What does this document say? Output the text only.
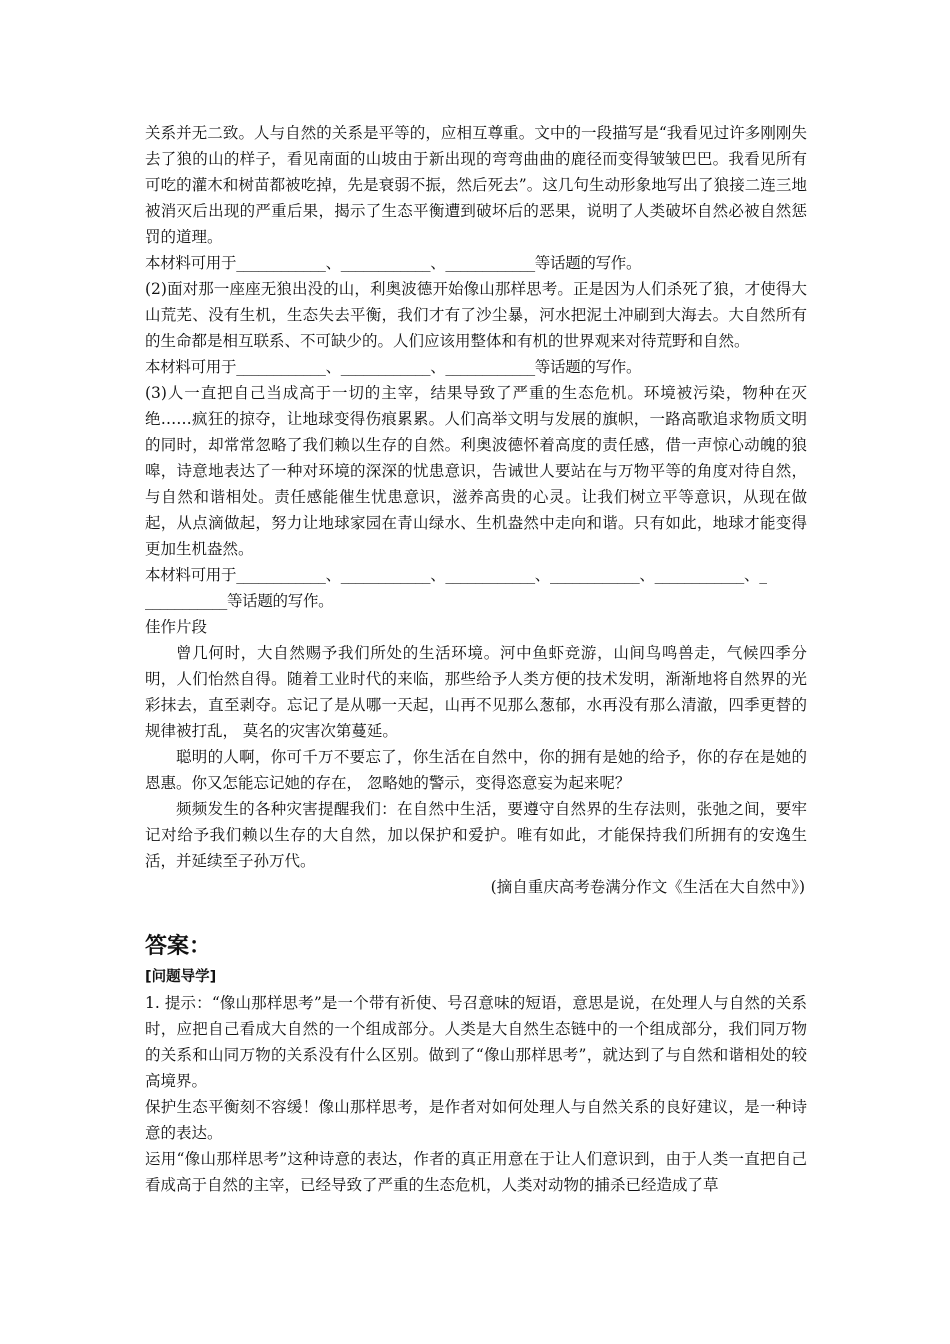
关系并无二致。人与自然的关系是平等的，应相互尊重。文中的一段描写是“我看见过许多刚刚失去了狼的山的样子，看见南面的山坡由于新出现的弯弯曲曲的鹿径而变得皱皱巴巴。我看见所有可吃的灌木和树苗都被吃掉，先是衰弱不振，然后死去”。这几句生动形象地写出了狼接二连三地被消灭后出现的严重后果，揭示了生态平衡遭到破坏后的恶果，说明了人类破坏自然必被自然惩罚的道理。

本材料可用于____________、____________、____________等话题的写作。

(2)面对那一座座无狼出没的山，利奥波德开始像山那样思考。正是因为人们杀死了狼，才使得大山荒芜、没有生机，生态失去平衡，我们才有了沙尘暴，河水把泥土冲刷到大海去。大自然所有的生命都是相互联系、不可缺少的。人们应该用整体和有机的世界观来对待荒野和自然。

本材料可用于____________、____________、____________等话题的写作。

(3)人一直把自己当成高于一切的主宰，结果导致了严重的生态危机。环境被污染，物种在灭绝……疯狂的掠夺，让地球变得伤痕累累。人们高举文明与发展的旗帜，一路高歌追求物质文明的同时，却常常忽略了我们赖以生存的自然。利奥波德怀着高度的责任感，借一声惊心动魄的狼嗥，诗意地表达了一种对环境的深深的忧患意识，告诫世人要站在与万物平等的角度对待自然，与自然和谐相处。责任感能催生忧患意识，滋养高贵的心灵。让我们树立平等意识，从现在做起，从点滴做起，努力让地球家园在青山绿水、生机盎然中走向和谐。只有如此，地球才能变得更加生机盎然。

本材料可用于____________、____________、____________、____________、____________、_

___________等话题的写作。

佳作片段

曾几何时，大自然赐予我们所处的生活环境。河中鱼虾竞游，山间鸟鸣兽走，气候四季分明，人们怡然自得。随着工业时代的来临，那些给予人类方便的技术发明，渐渐地将自然界的光彩抹去，直至剥夺。忘记了是从哪一天起，山再不见那么葱郁，水再没有那么清澈，四季更替的规律被打乱， 莫名的灾害次第蔓延。

聪明的人啊，你可千万不要忘了，你生活在自然中，你的拥有是她的给予，你的存在是她的恩惠。你又怎能忘记她的存在， 忽略她的警示，变得恣意妄为起来呢？

频频发生的各种灾害提醒我们：在自然中生活，要遵守自然界的生存法则，张弛之间，要牢记对给予我们赖以生存的大自然，加以保护和爱护。唯有如此，才能保持我们所拥有的安逸生活，并延续至子孙万代。

(摘自重庆高考卷满分作文《生活在大自然中》)

答案：

[问题导学]

1. 提示：“像山那样思考”是一个带有祈使、号召意味的短语，意思是说，在处理人与自然的关系时，应把自己看成大自然的一个组成部分。人类是大自然生态链中的一个组成部分，我们同万物的关系和山同万物的关系没有什么区别。做到了“像山那样思考”，就达到了与自然和谐相处的较高境界。

保护生态平衡刻不容缓！像山那样思考，是作者对如何处理人与自然关系的良好建议，是一种诗意的表达。

运用“像山那样思考”这种诗意的表达，作者的真正用意在于让人们意识到，由于人类一直把自己看成高于自然的主宰，已经导致了严重的生态危机，人类对动物的捕杀已经造成了草
